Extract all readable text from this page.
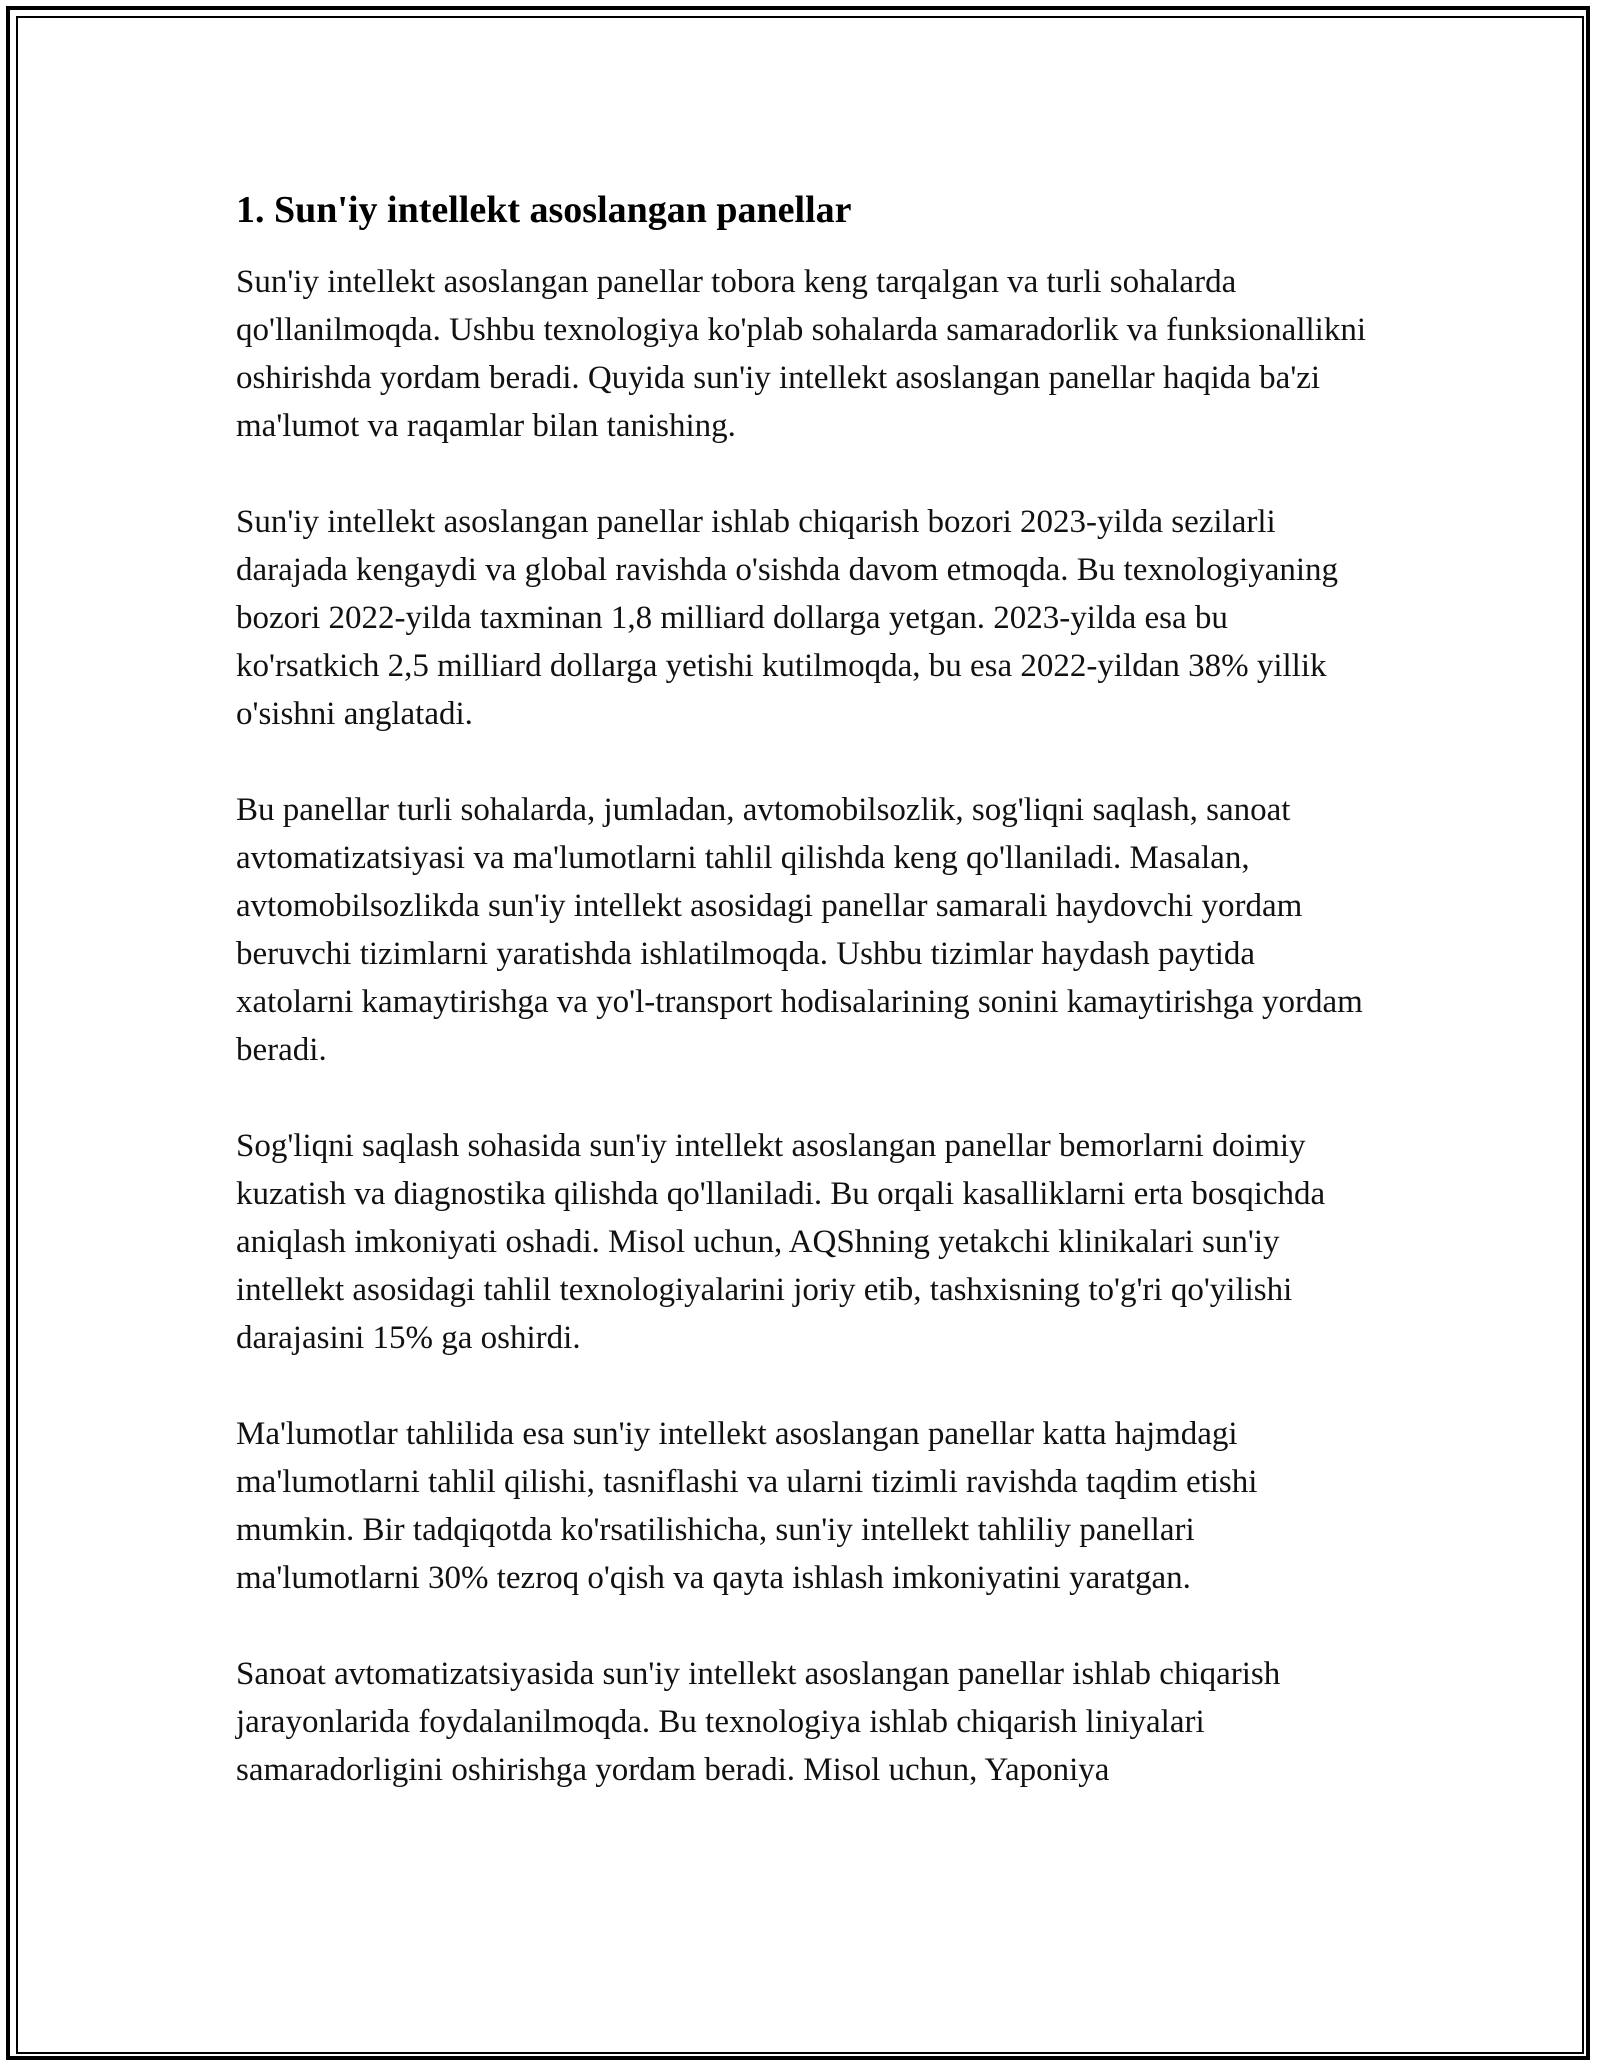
1. Sun'iy intellekt asoslangan panellar

Sun'iy intellekt asoslangan panellar tobora keng tarqalgan va turli sohalarda qo'llanilmoqda. Ushbu texnologiya ko'plab sohalarda samaradorlik va funksionallikni oshirishda yordam beradi. Quyida sun'iy intellekt asoslangan panellar haqida ba'zi ma'lumot va raqamlar bilan tanishing.

Sun'iy intellekt asoslangan panellar ishlab chiqarish bozori 2023-yilda sezilarli darajada kengaydi va global ravishda o'sishda davom etmoqda. Bu texnologiyaning bozori 2022-yilda taxminan 1,8 milliard dollarga yetgan. 2023-yilda esa bu ko'rsatkich 2,5 milliard dollarga yetishi kutilmoqda, bu esa 2022-yildan 38% yillik o'sishni anglatadi.

Bu panellar turli sohalarda, jumladan, avtomobilsozlik, sog'liqni saqlash, sanoat avtomatizatsiyasi va ma'lumotlarni tahlil qilishda keng qo'llaniladi. Masalan, avtomobilsozlikda sun'iy intellekt asosidagi panellar samarali haydovchi yordam beruvchi tizimlarni yaratishda ishlatilmoqda. Ushbu tizimlar haydash paytida xatolarni kamaytirishga va yo'l-transport hodisalarining sonini kamaytirishga yordam beradi.

Sog'liqni saqlash sohasida sun'iy intellekt asoslangan panellar bemorlarni doimiy kuzatish va diagnostika qilishda qo'llaniladi. Bu orqali kasalliklarni erta bosqichda aniqlash imkoniyati oshadi. Misol uchun, AQShning yetakchi klinikalari sun'iy intellekt asosidagi tahlil texnologiyalarini joriy etib, tashxisning to'g'ri qo'yilishi darajasini 15% ga oshirdi.

Ma'lumotlar tahlilida esa sun'iy intellekt asoslangan panellar katta hajmdagi ma'lumotlarni tahlil qilishi, tasniflashi va ularni tizimli ravishda taqdim etishi mumkin. Bir tadqiqotda ko'rsatilishicha, sun'iy intellekt tahliliy panellari ma'lumotlarni 30% tezroq o'qish va qayta ishlash imkoniyatini yaratgan.

Sanoat avtomatizatsiyasida sun'iy intellekt asoslangan panellar ishlab chiqarish jarayonlarida foydalanilmoqda. Bu texnologiya ishlab chiqarish liniyalari samaradorligini oshirishga yordam beradi. Misol uchun, Yaponiya
